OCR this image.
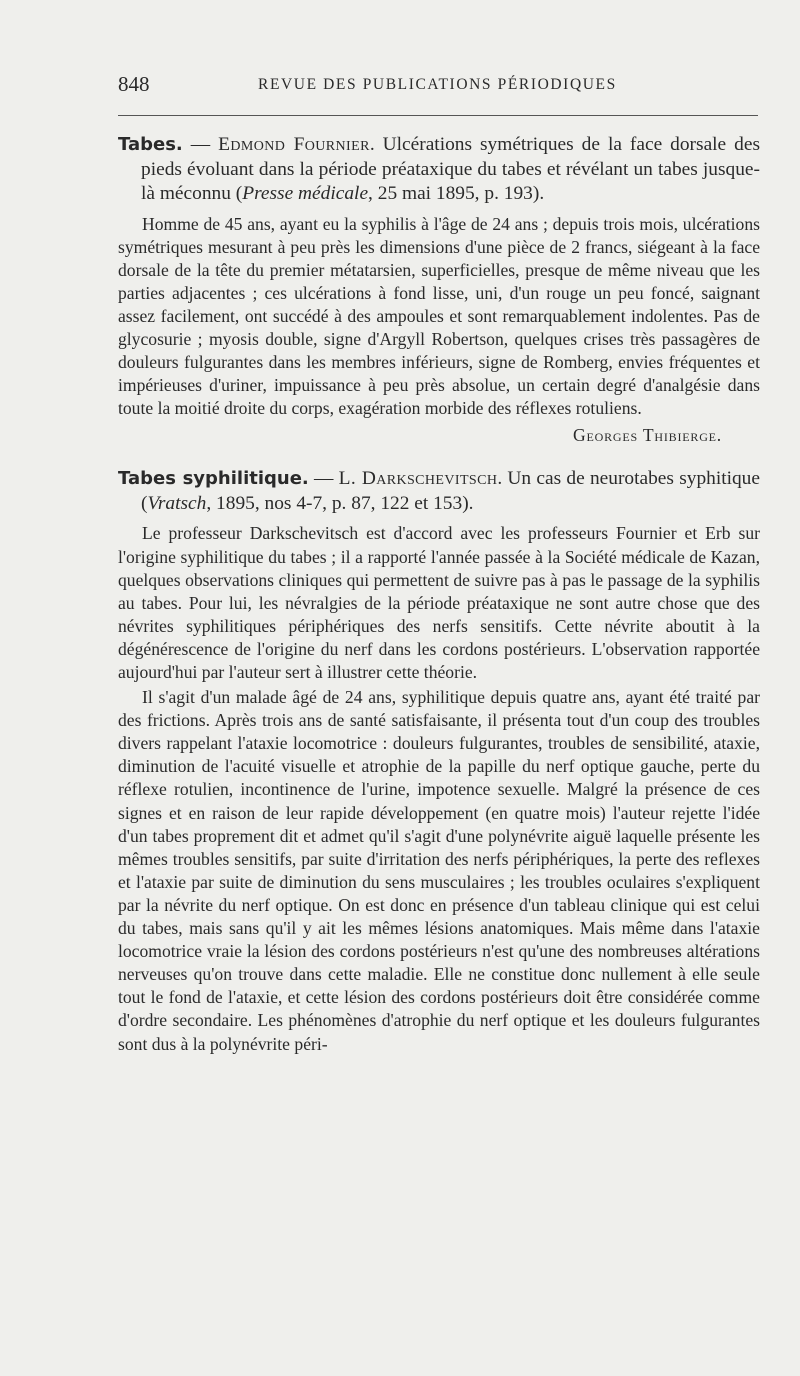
848	REVUE DES PUBLICATIONS PÉRIODIQUES
Tabes. — Edmond Fournier. Ulcérations symétriques de la face dorsale des pieds évoluant dans la période préataxique du tabes et révélant un tabes jusque-là méconnu (Presse médicale, 25 mai 1895, p. 193).

Homme de 45 ans, ayant eu la syphilis à l'âge de 24 ans ; depuis trois mois, ulcérations symétriques mesurant à peu près les dimensions d'une pièce de 2 francs, siégeant à la face dorsale de la tête du premier métatarsien, superficielles, presque de même niveau que les parties adjacentes ; ces ulcérations à fond lisse, uni, d'un rouge un peu foncé, saignant assez facilement, ont succédé à des ampoules et sont remarquablement indolentes. Pas de glycosurie ; myosis double, signe d'Argyll Robertson, quelques crises très passagères de douleurs fulgurantes dans les membres inférieurs, signe de Romberg, envies fréquentes et impérieuses d'uriner, impuissance à peu près absolue, un certain degré d'analgésie dans toute la moitié droite du corps, exagération morbide des réflexes rotuliens.

Georges Thibierge.
Tabes syphilitique. — L. Darkschevitsch. Un cas de neurotabes syphitique (Vratsch, 1895, nos 4-7, p. 87, 122 et 153).

Le professeur Darkschevitsch est d'accord avec les professeurs Fournier et Erb sur l'origine syphilitique du tabes ; il a rapporté l'année passée à la Société médicale de Kazan, quelques observations cliniques qui permettent de suivre pas à pas le passage de la syphilis au tabes. Pour lui, les névralgies de la période préataxique ne sont autre chose que des névrites syphilitiques périphériques des nerfs sensitifs. Cette névrite aboutit à la dégénérescence de l'origine du nerf dans les cordons postérieurs. L'observation rapportée aujourd'hui par l'auteur sert à illustrer cette théorie.

Il s'agit d'un malade âgé de 24 ans, syphilitique depuis quatre ans, ayant été traité par des frictions. Après trois ans de santé satisfaisante, il présenta tout d'un coup des troubles divers rappelant l'ataxie locomotrice : douleurs fulgurantes, troubles de sensibilité, ataxie, diminution de l'acuité visuelle et atrophie de la papille du nerf optique gauche, perte du réflexe rotulien, incontinence de l'urine, impotence sexuelle. Malgré la présence de ces signes et en raison de leur rapide développement (en quatre mois) l'auteur rejette l'idée d'un tabes proprement dit et admet qu'il s'agit d'une polynévrite aiguë laquelle présente les mêmes troubles sensitifs, par suite d'irritation des nerfs périphériques, la perte des reflexes et l'ataxie par suite de diminution du sens musculaires ; les troubles oculaires s'expliquent par la névrite du nerf optique. On est donc en présence d'un tableau clinique qui est celui du tabes, mais sans qu'il y ait les mêmes lésions anatomiques. Mais même dans l'ataxie locomotrice vraie la lésion des cordons postérieurs n'est qu'une des nombreuses altérations nerveuses qu'on trouve dans cette maladie. Elle ne constitue donc nullement à elle seule tout le fond de l'ataxie, et cette lésion des cordons postérieurs doit être considérée comme d'ordre secondaire. Les phénomènes d'atrophie du nerf optique et les douleurs fulgurantes sont dus à la polynévrite péri-
